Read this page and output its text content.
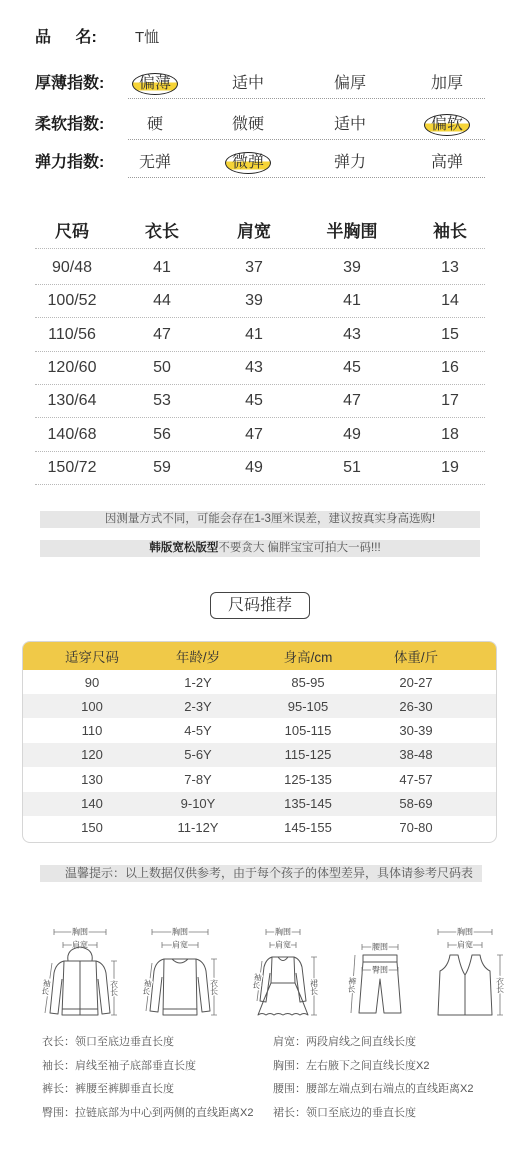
品 名:	T恤
厚薄指数:	偏薄	适中	偏厚	加厚
柔软指数:	硬	微硬	适中	偏软
弹力指数:	无弹	微弹	弹力	高弹
尺码	衣长	肩宽	半胸围	袖长
90/48	41	37	39	13
100/52	44	39	41	14
110/56	47	41	43	15
120/60	50	43	45	16
130/64	53	45	47	17
140/68	56	47	49	18
150/72	59	49	51	19
因测量方式不同，可能会存在1-3厘米误差，建议按真实身高选购!
韩版宽松版型不要贪大 偏胖宝宝可拍大一码!!!
尺码推荐
适穿尺码	年龄/岁	身高/cm	体重/斤
90	1-2Y	85-95	20-27
100	2-3Y	95-105	26-30
110	4-5Y	105-115	30-39
120	5-6Y	115-125	38-48
130	7-8Y	125-135	47-57
140	9-10Y	135-145	58-69
150	11-12Y	145-155	70-80
温馨提示：以上数据仅供参考，由于每个孩子的体型差异，具体请参考尺码表
胸围
肩宽
袖长	衣长
胸围
肩宽
袖长	衣长
胸围
肩宽
袖长	裙长
腰围
臀围
裤长
胸围
肩宽
衣长
衣长：领口至底边垂直长度
袖长：肩线至袖子底部垂直长度
裤长：裤腰至裤脚垂直长度
臀围：拉链底部为中心到两侧的直线距离X2
肩宽：两段肩线之间直线长度
胸围：左右腋下之间直线长度X2
腰围：腰部左端点到右端点的直线距离X2
裙长：领口至底边的垂直长度
